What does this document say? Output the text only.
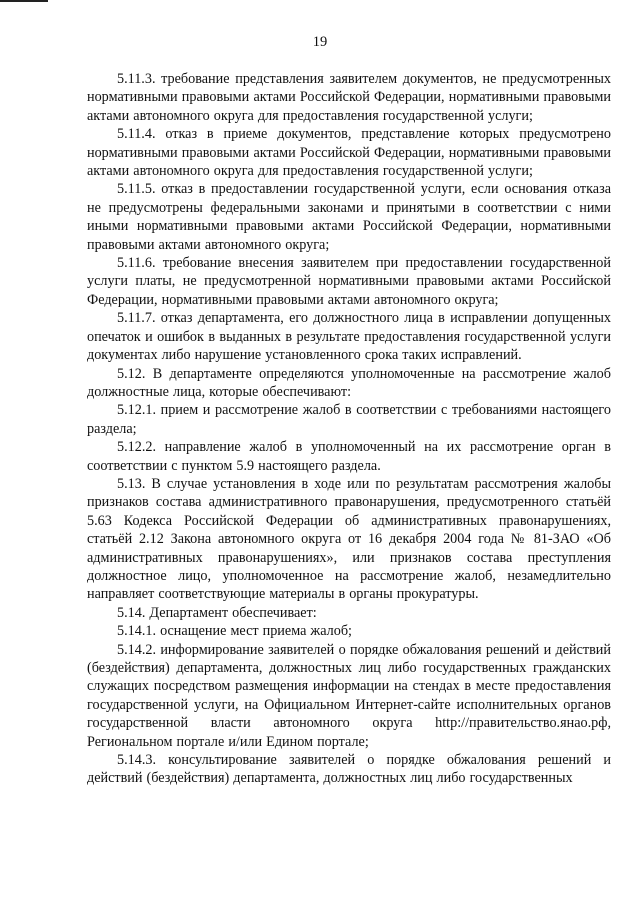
19

5.11.3. требование представления заявителем документов, не предусмотренных нормативными правовыми актами Российской Федерации, нормативными правовыми актами автономного округа для предоставления государственной услуги;

5.11.4. отказ в приеме документов, представление которых предусмотрено нормативными правовыми актами Российской Федерации, нормативными правовыми актами автономного округа для предоставления государственной услуги;

5.11.5. отказ в предоставлении государственной услуги, если основания отказа не предусмотрены федеральными законами и принятыми в соответствии с ними иными нормативными правовыми актами Российской Федерации, нормативными правовыми актами автономного округа;

5.11.6. требование внесения заявителем при предоставлении государственной услуги платы, не предусмотренной нормативными правовыми актами Российской Федерации, нормативными правовыми актами автономного округа;

5.11.7. отказ департамента, его должностного лица в исправлении допущенных опечаток и ошибок в выданных в результате предоставления государственной услуги документах либо нарушение установленного срока таких исправлений.

5.12. В департаменте определяются уполномоченные на рассмотрение жалоб должностные лица, которые обеспечивают:

5.12.1. прием и рассмотрение жалоб в соответствии с требованиями настоящего раздела;

5.12.2. направление жалоб в уполномоченный на их рассмотрение орган в соответствии с пунктом 5.9 настоящего раздела.

5.13. В случае установления в ходе или по результатам рассмотрения жалобы признаков состава административного правонарушения, предусмотренного статьёй 5.63 Кодекса Российской Федерации об административных правонарушениях, статьёй 2.12 Закона автономного округа от 16 декабря 2004 года № 81-ЗАО «Об административных правонарушениях», или признаков состава преступления должностное лицо, уполномоченное на рассмотрение жалоб, незамедлительно направляет соответствующие материалы в органы прокуратуры.

5.14. Департамент обеспечивает:

5.14.1. оснащение мест приема жалоб;

5.14.2. информирование заявителей о порядке обжалования решений и действий (бездействия) департамента, должностных лиц либо государственных гражданских служащих посредством размещения информации на стендах в месте предоставления государственной услуги, на Официальном Интернет-сайте исполнительных органов государственной власти автономного округа http://правительство.янао.рф, Региональном портале и/или Едином портале;

5.14.3. консультирование заявителей о порядке обжалования решений и действий (бездействия) департамента, должностных лиц либо государственных
